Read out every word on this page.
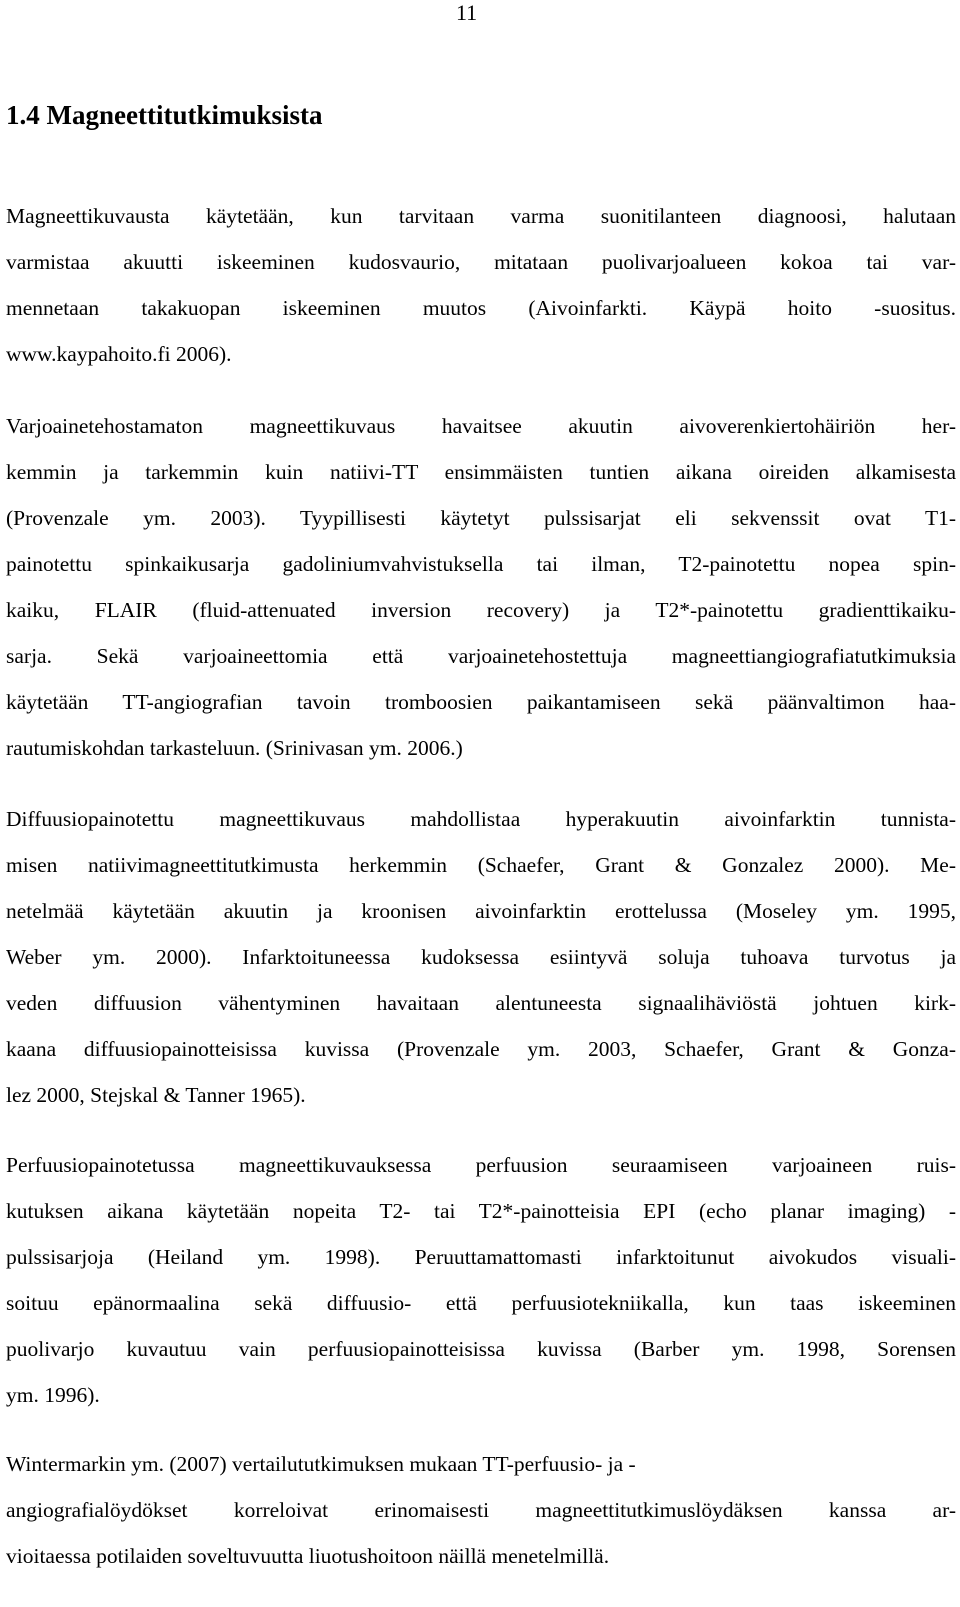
11
1.4 Magneettitutkimuksista
Magneettikuvausta käytetään, kun tarvitaan varma suonitilanteen diagnoosi, halutaan
varmistaa akuutti iskeeminen kudosvaurio, mitataan puolivarjoalueen kokoa tai var-
mennetaan takakuopan iskeeminen muutos (Aivoinfarkti. Käypä hoito -suositus.
www.kaypahoito.fi 2006).
Varjoainetehostamaton magneettikuvaus havaitsee akuutin aivoverenkiertohäiriön her-
kemmin ja tarkemmin kuin natiivi-TT ensimmäisten tuntien aikana oireiden alkamisesta
(Provenzale ym. 2003). Tyypillisesti käytetyt pulssisarjat eli sekvenssit ovat T1-
painotettu spinkaikusarja gadoliniumvahvistuksella tai ilman, T2-painotettu nopea spin-
kaiku, FLAIR (fluid-attenuated inversion recovery) ja T2*-painotettu gradienttikaiku-
sarja. Sekä varjoaineettomia että varjoainetehostettuja magneettiangiografiatutkimuksia
käytetään TT-angiografian tavoin tromboosien paikantamiseen sekä päänvaltimon haa-
rautumiskohdan tarkasteluun. (Srinivasan ym. 2006.)
Diffuusiopainotettu magneettikuvaus mahdollistaa hyperakuutin aivoinfarktin tunnista-
misen natiivimagneettitutkimusta herkemmin (Schaefer, Grant & Gonzalez 2000). Me-
netelmää käytetään akuutin ja kroonisen aivoinfarktin erottelussa (Moseley ym. 1995,
Weber ym. 2000). Infarktoituneessa kudoksessa esiintyvä soluja tuhoava turvotus ja
veden diffuusion vähentyminen havaitaan alentuneesta signaalihäviöstä johtuen kirk-
kaana diffuusiopainotteisissa kuvissa (Provenzale ym. 2003, Schaefer, Grant & Gonza-
lez 2000, Stejskal & Tanner 1965).
Perfuusiopainotetussa magneettikuvauksessa perfuusion seuraamiseen varjoaineen ruis-
kutuksen aikana käytetään nopeita T2- tai T2*-painotteisia EPI (echo planar imaging) -
pulssisarjoja (Heiland ym. 1998). Peruuttamattomasti infarktoitunut aivokudos visuali-
soituu epänormaalina sekä diffuusio- että perfuusiotekniikalla, kun taas iskeeminen
puolivarjo kuvautuu vain perfuusiopainotteisissa kuvissa (Barber ym. 1998, Sorensen
ym. 1996).
Wintermarkin ym. (2007) vertailututkimuksen mukaan TT-perfuusio- ja -
angiografialöydökset korreloivat erinomaisesti magneettitutkimuslöydäksen kanssa ar-
vioitaessa potilaiden soveltuvuutta liuotushoitoon näillä menetelmillä.
